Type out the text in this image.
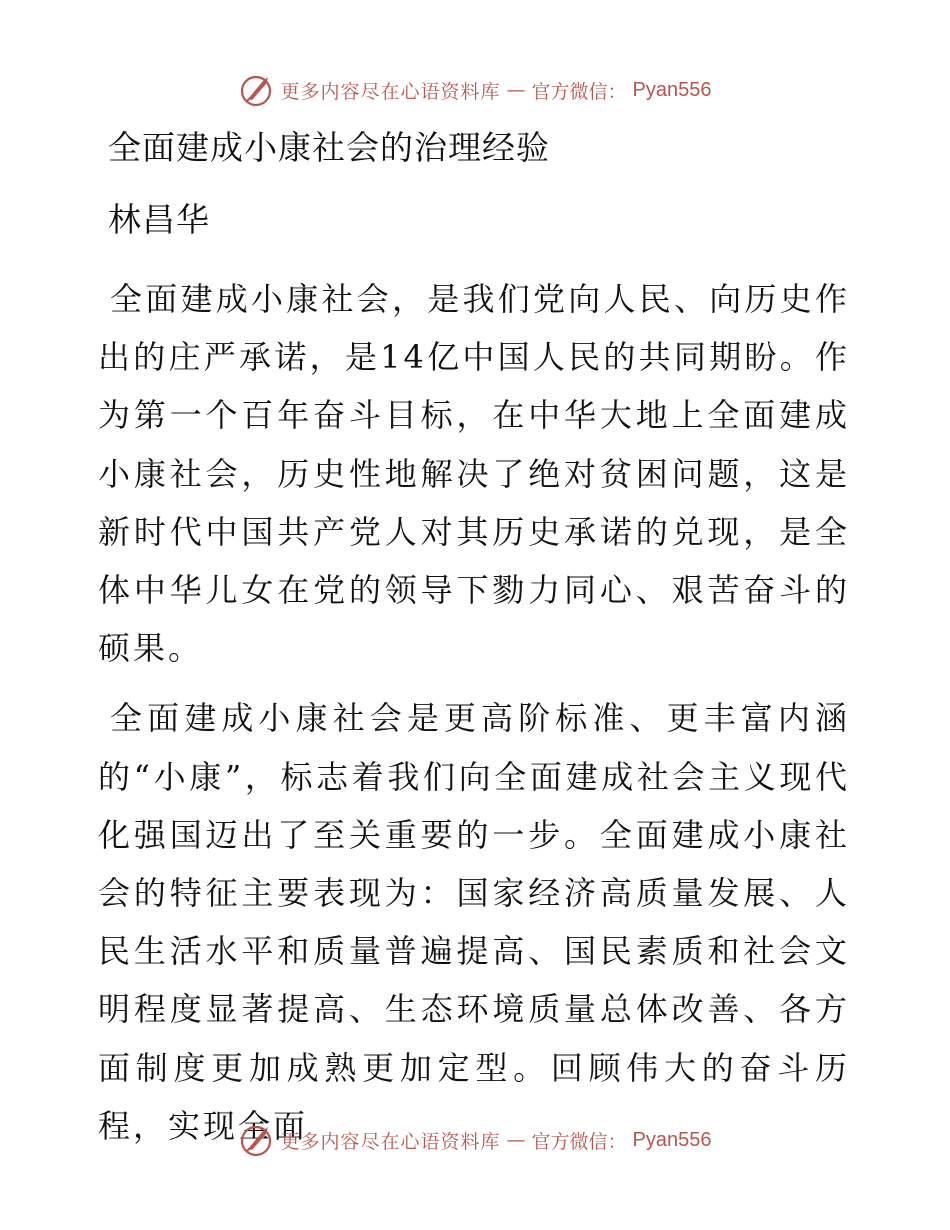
更多内容尽在心语资料库 — 官方微信： Pyan556
全面建成小康社会的治理经验
林昌华

全面建成小康社会，是我们党向人民、向历史作出的庄严承诺，是14亿中国人民的共同期盼。作为第一个百年奋斗目标，在中华大地上全面建成小康社会，历史性地解决了绝对贫困问题，这是新时代中国共产党人对其历史承诺的兑现，是全体中华儿女在党的领导下勠力同心、艰苦奋斗的硕果。

全面建成小康社会是更高阶标准、更丰富内涵的“小康”，标志着我们向全面建成社会主义现代化强国迈出了至关重要的一步。全面建成小康社会的特征主要表现为：国家经济高质量发展、人民生活水平和质量普遍提高、国民素质和社会文明程度显著提高、生态环境质量总体改善、各方面制度更加成熟更加定型。回顾伟大的奋斗历程，实现全面

更多内容尽在心语资料库 — 官方微信： Pyan556
